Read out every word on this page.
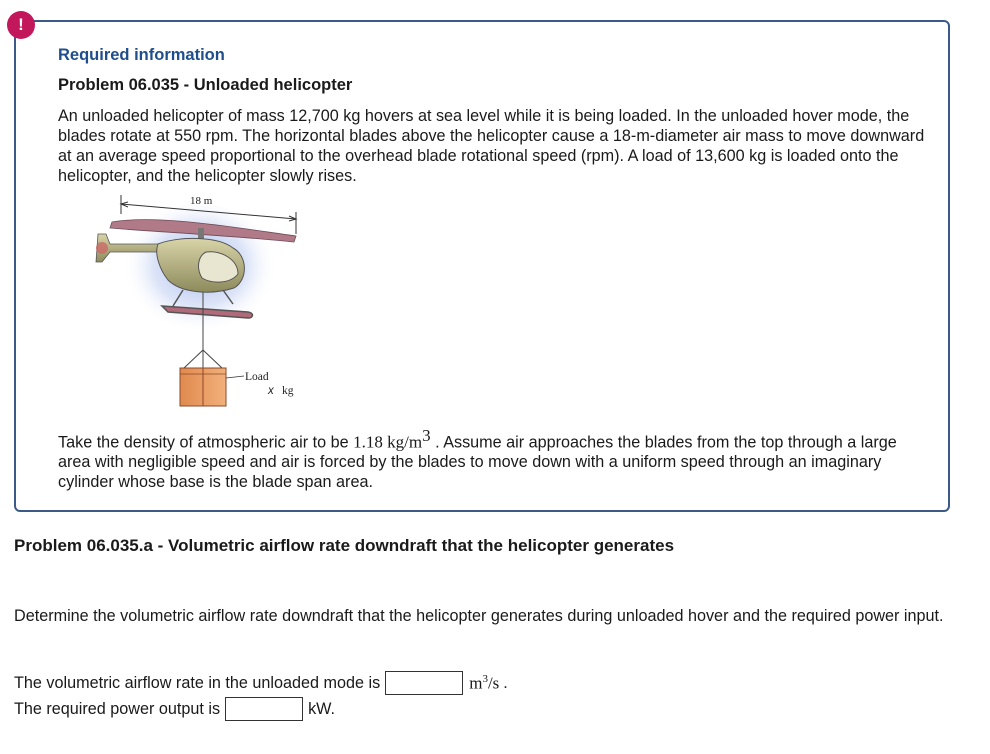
!
Required information
Problem 06.035 - Unloaded helicopter
An unloaded helicopter of mass 12,700 kg hovers at sea level while it is being loaded. In the unloaded hover mode, the blades rotate at 550 rpm. The horizontal blades above the helicopter cause a 18-m-diameter air mass to move downward at an average speed proportional to the overhead blade rotational speed (rpm). A load of 13,600 kg is loaded onto the helicopter, and the helicopter slowly rises.
18 m
Load
x kg
Take the density of atmospheric air to be 1.18 $kg/m^3$ . Assume air approaches the blades from the top through a large area with negligible speed and air is forced by the blades to move down with a uniform speed through an imaginary cylinder whose base is the blade span area.
Problem 06.035.a - Volumetric airflow rate downdraft that the helicopter generates
Determine the volumetric airflow rate downdraft that the helicopter generates during unloaded hover and the required power input.
The volumetric airflow rate in the unloaded mode is	$m^3/s$ .
The required power output is	kW.
